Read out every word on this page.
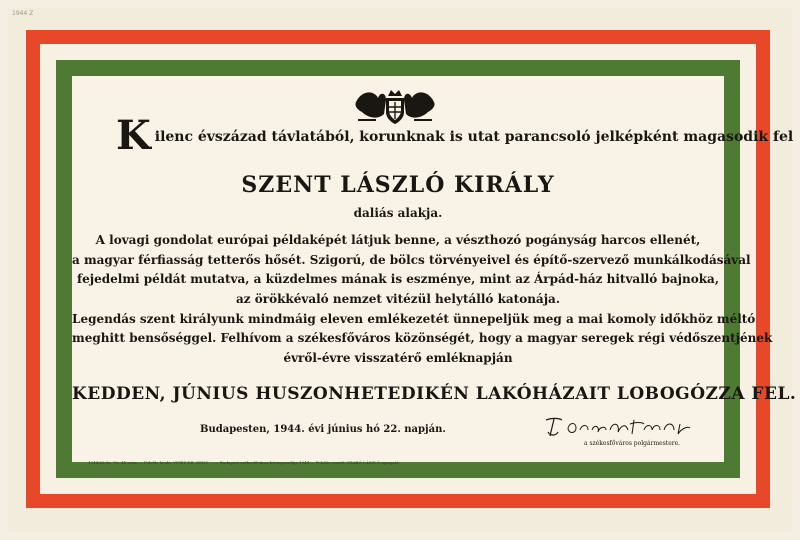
1944 Z
Kilenc évszázad távlatából, korunknak is utat parancsoló jelképként magasodik fel
SZENT LÁSZLÓ KIRÁLY
daliás alakja.
A lovagi gondolat európai példaképét látjuk benne, a vészthozó pogányság harcos ellenét,
a magyar férfiasság tetterős hősét. Szigorú, de bölcs törvényeivel és építő-szervező munkálkodásával
fejedelmi példát mutatva, a küzdelmes mának is eszménye, mint az Árpád-ház hitvalló bajnoka,
az örökkévaló nemzet vitézül helytálló katonája.
Legendás szent királyunk mindmáig eleven emlékezetét ünnepeljük meg a mai komoly időkhöz méltó
meghitt bensőséggel. Felhívom a székesfőváros közönségét, hogy a magyar seregek régi védőszentjének
évről-évre visszatérő emléknapján
KEDDEN, JÚNIUS HUSZONHETEDIKÉN LAKÓHÁZAIT LOBOGÓZZA FEL.
Budapesten, 1944. évi június hó 22. napján.
a székesfőváros polgármestere.
1944/68.Sz. Nr. 44 szám — Felelős kiadó: VITÉZ DR. SZILY ... — Budapest székesfőváros házinyomdája 1944 — Felelős vezető: SZABÓ LÁSZLÓ igazgató
